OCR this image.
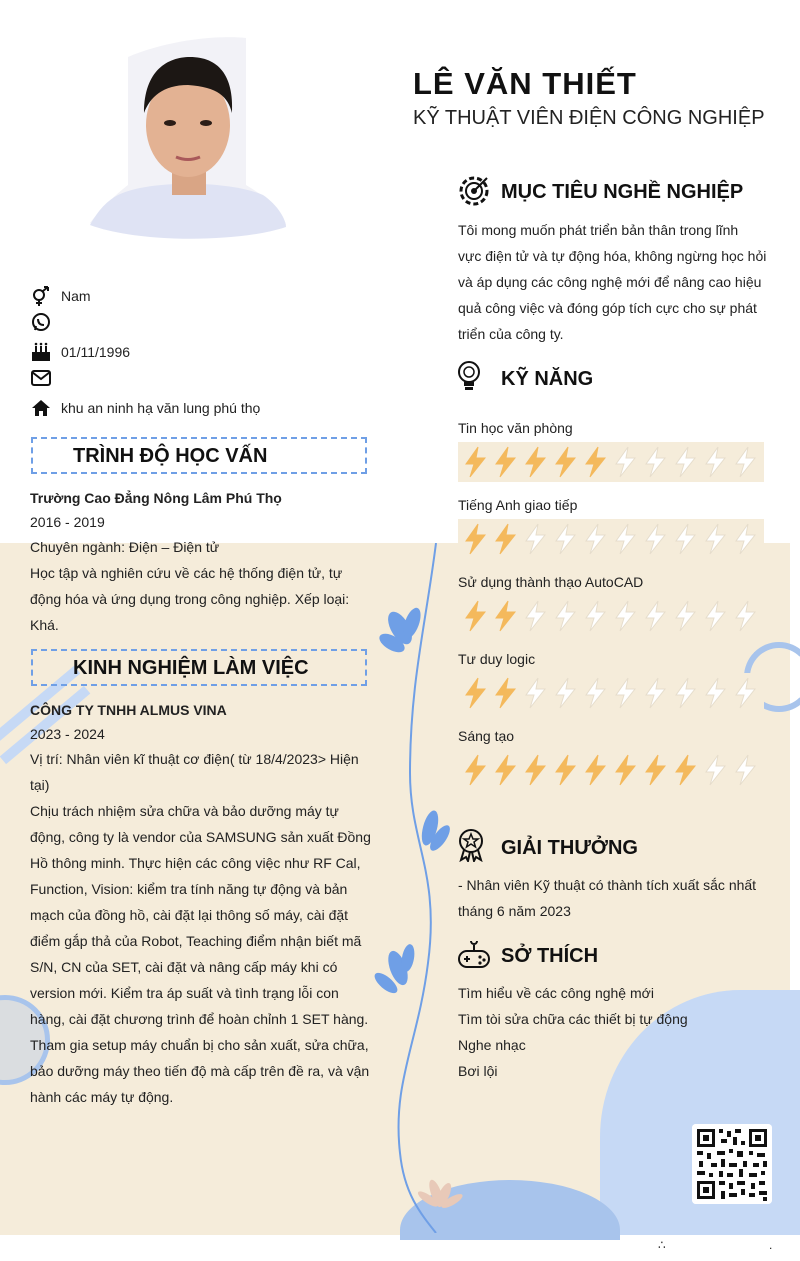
LÊ VĂN THIẾT
KỸ THUẬT VIÊN ĐIỆN CÔNG NGHIỆP
Nam
01/11/1996
khu an ninh hạ văn lung phú thọ
TRÌNH ĐỘ HỌC VẤN
Trường Cao Đẳng Nông Lâm Phú Thọ
2016 - 2019
Chuyên ngành: Điện – Điện tử
Học tập và nghiên cứu về các hệ thống điện tử, tự
động hóa và ứng dụng trong công nghiệp. Xếp loại:
Khá.
KINH NGHIỆM LÀM VIỆC
CÔNG TY TNHH ALMUS VINA
2023 - 2024
Vị trí: Nhân viên kĩ thuật cơ điện( từ 18/4/2023> Hiện
tại)
Chịu trách nhiệm sửa chữa và bảo dưỡng máy tự
động, công ty là vendor của SAMSUNG sản xuất Đồng
Hồ thông minh. Thực hiện các công việc như RF Cal,
Function, Vision: kiểm tra tính năng tự động và bản
mạch của đồng hồ, cài đặt lại thông số máy, cài đặt
điểm gắp thả của Robot, Teaching điểm nhận biết mã
S/N, CN của SET, cài đặt và nâng cấp máy khi có
version mới. Kiểm tra áp suất và tình trạng lỗi con
hàng, cài đặt chương trình để hoàn chỉnh 1 SET hàng.
Tham gia setup máy chuẩn bị cho sản xuất, sửa chữa,
bảo dưỡng máy theo tiến độ mà cấp trên đề ra, và vận
hành các máy tự động.
MỤC TIÊU NGHỀ NGHIỆP
Tôi mong muốn phát triển bản thân trong lĩnh
vực điện tử và tự động hóa, không ngừng học hỏi
và áp dụng các công nghệ mới để nâng cao hiệu
quả công việc và đóng góp tích cực cho sự phát
triển của công ty.
KỸ NĂNG
Tin học văn phòng
Tiếng Anh giao tiếp
Sử dụng thành thạo AutoCAD
Tư duy logic
Sáng tạo
GIẢI THƯỞNG
- Nhân viên Kỹ thuật có thành tích xuất sắc nhất
tháng 6 năm 2023
SỞ THÍCH
Tìm hiểu về các công nghệ mới
Tìm tòi sửa chữa các thiết bị tự động
Nghe nhạc
Bơi lội
∴	.
